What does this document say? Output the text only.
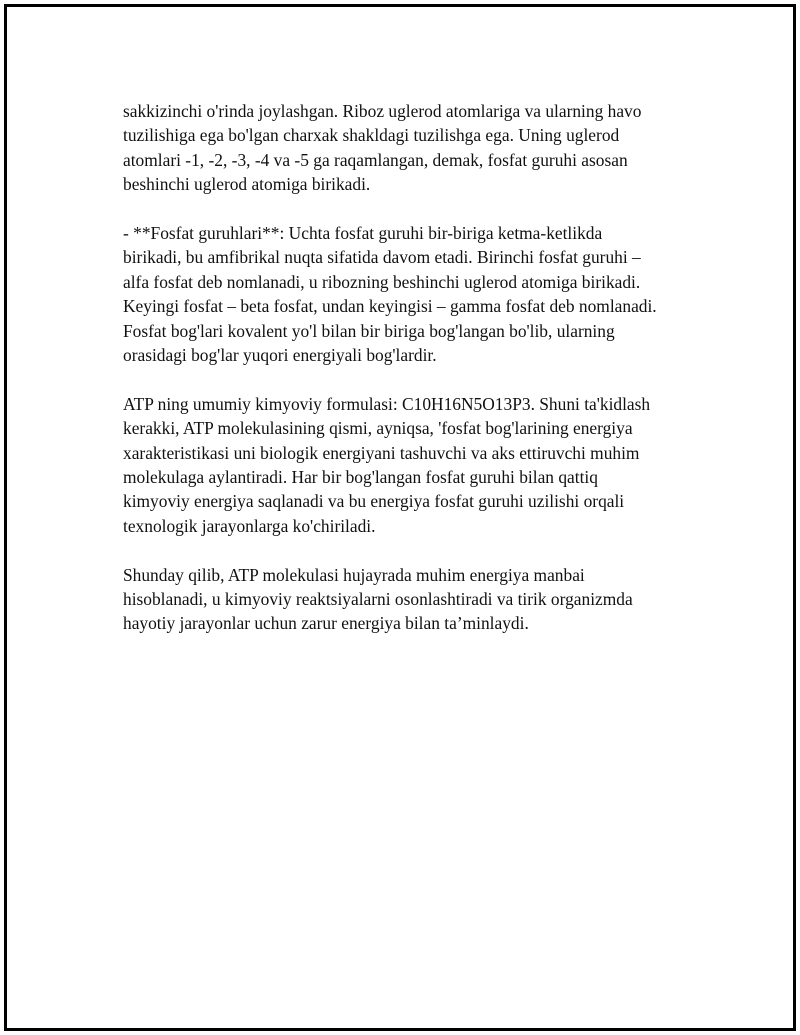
sakkizinchi o'rinda joylashgan. Riboz uglerod atomlariga va ularning havo
tuzilishiga ega bo'lgan charxak shakldagi tuzilishga ega. Uning uglerod
atomlari -1, -2, -3, -4 va -5 ga raqamlangan, demak, fosfat guruhi asosan
beshinchi uglerod atomiga birikadi.

- **Fosfat guruhlari**: Uchta fosfat guruhi bir-biriga ketma-ketlikda
birikadi, bu amfibrikal nuqta sifatida davom etadi. Birinchi fosfat guruhi –
alfa fosfat deb nomlanadi, u ribozning beshinchi uglerod atomiga birikadi.
Keyingi fosfat – beta fosfat, undan keyingisi – gamma fosfat deb nomlanadi.
Fosfat bog'lari kovalent yo'l bilan bir biriga bog'langan bo'lib, ularning
orasidagi bog'lar yuqori energiyali bog'lardir.

ATP ning umumiy kimyoviy formulasi: C10H16N5O13P3. Shuni ta'kidlash
kerakki, ATP molekulasining qismi, ayniqsa, 'fosfat bog'larining energiya
xarakteristikasi uni biologik energiyani tashuvchi va aks ettiruvchi muhim
molekulaga aylantiradi. Har bir bog'langan fosfat guruhi bilan qattiq
kimyoviy energiya saqlanadi va bu energiya fosfat guruhi uzilishi orqali
texnologik jarayonlarga ko'chiriladi.

Shunday qilib, ATP molekulasi hujayrada muhim energiya manbai
hisoblanadi, u kimyoviy reaktsiyalarni osonlashtiradi va tirik organizmda
hayotiy jarayonlar uchun zarur energiya bilan ta’minlaydi.
